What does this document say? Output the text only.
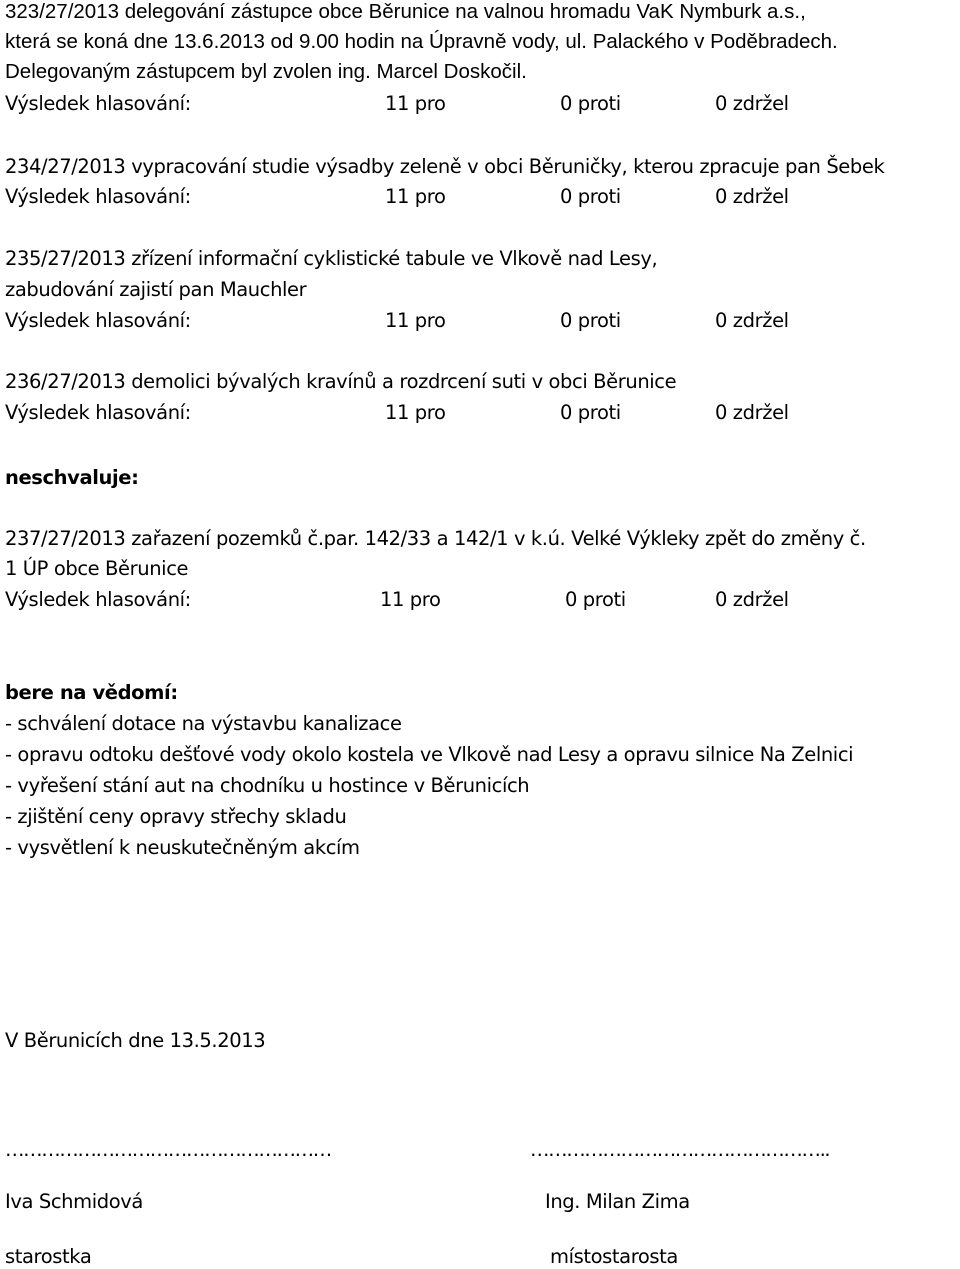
323/27/2013 delegování zástupce obce Běrunice na valnou hromadu VaK Nymburk a.s.,
která se koná dne 13.6.2013 od 9.00 hodin na Úpravně vody, ul. Palackého v Poděbradech.
Delegovaným zástupcem byl zvolen ing. Marcel Doskočil.
Výsledek hlasování:	11 pro	0 proti	0 zdržel
234/27/2013 vypracování studie výsadby zeleně v obci Běruničky, kterou zpracuje pan Šebek
Výsledek hlasování:	11 pro	0 proti	0 zdržel
235/27/2013 zřízení informační cyklistické tabule ve Vlkově nad Lesy,
zabudování zajistí pan Mauchler
Výsledek hlasování:	11 pro	0 proti	0 zdržel
236/27/2013 demolici bývalých kravínů a rozdrcení suti v obci Běrunice
Výsledek hlasování:	11 pro	0 proti	0 zdržel
neschvaluje:
237/27/2013 zařazení pozemků č.par. 142/33 a 142/1 v k.ú. Velké Výkleky zpět do změny č.
1 ÚP obce Běrunice
Výsledek hlasování:	11 pro	0 proti	0 zdržel
bere na vědomí:
- schválení dotace na výstavbu kanalizace
- opravu odtoku dešťové vody okolo kostela ve Vlkově nad Lesy a opravu silnice Na Zelnici
- vyřešení stání aut na chodníku u hostince v Běrunicích
- zjištění ceny opravy střechy skladu
- vysvětlení k neuskutečněným akcím
V Běrunicích dne 13.5.2013
………………………………………………	…………………………………………..
Iva Schmidová	Ing. Milan Zima
starostka	místostarosta
